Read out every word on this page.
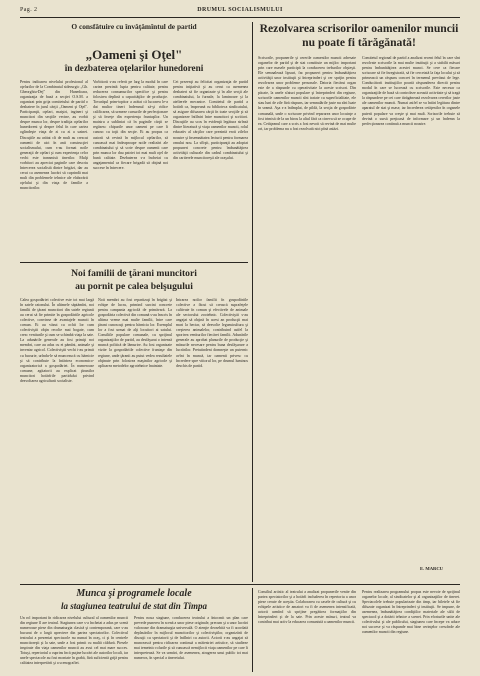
Pag. 2	DRUMUL SOCIALISMULUI
O consfătuire cu învăţămîntul de partid
„Oameni şi Oţel"
în dezbaterea oţelarilor hunedoreni
Pentru indicarea nivelului profesional al oţelarilor de la Combinatul siderurgic „Gh. Gheorghiu-Dej" din Hunedoara, organizaţia de bază a secţiei O.S.M. a organizat prin grija comitetului de partid o dezbatere în jurul cărţii „Oameni şi Oţel". Participanţii, oţelari, maiştri, ingineri şi muncitori din secţiile vecine, au vorbit despre munca lor, despre tradiţia oţelarilor hunedoreni şi despre felul în care cartea oglindeşte viaţa de zi cu zi a uzinei. Discuţiile au arătat cît de mult au crescut oamenii de aici în anii construcţiei socialismului, cum s-au format noile generaţii de oţelari şi cum experienţa celor vechi este transmisă tinerilor. Mulţi vorbitori au apreciat paginile care descriu întrecerea socialistă dintre brigăzi, dar au cerut ca asemenea lucrări să cuprindă mai mult din problemele tehnice ale elaborării oţelului şi din viaţa de familie a muncitorilor.
Vorbitorii s-au referit pe larg la modul în care cartea prezintă lupta pentru calitate, pentru reducerea consumurilor specifice şi pentru folosirea deplină a capacităţilor de producţie. Tovarăşul prim-topitor a arătat că lucrarea le-a dat multor tineri îndemnul să-şi ridice calificarea, să urmeze cursurile de perfecţionare şi să înveţe din experienţa fruntaşilor. Un maistru a subliniat că în paginile cărţii se regăsesc chipurile unor oameni pe care îi cunosc cu toţii din secţie. Ei au propus ca autorii să revină în mijlocul oţelarilor, să cunoască mai îndeaproape noile realizări ale combinatului şi să scrie despre oamenii care prin munca lor dau patriei tot mai mult oţel de bună calitate. Dezbaterea s-a încheiat cu angajamentul ca fiecare brigadă să obţină noi succese în întrecere.
Cei prezenţi au felicitat organizaţia de partid pentru iniţiativă şi au cerut ca asemenea dezbateri să fie organizate şi în alte secţii ale combinatului, la furnale, la laminoare şi la atelierele mecanice. Comitetul de partid a hotărît ca, împreună cu biblioteca sindicatului, să asigure difuzarea cărţii în toate secţiile şi să organizeze întîlniri între muncitori şi scriitori. Discuţiile au scos în evidenţă legătura strînsă dintre literatură şi viaţa oamenilor muncii, rolul educativ al cărţilor care prezintă eroii zilelor noastre şi însemnătatea lecturii pentru formarea omului nou. La sfîrşit, participanţii au adoptat propuneri concrete pentru îmbunătăţirea activităţii culturale din cadrul combinatului şi din cartierele muncitoreşti ale oraşului.
Noi familii de ţărani muncitori
au pornit pe calea belşugului
Calea gospodăriei colective este tot mai largă în satele raionului. În ultimele săptămîni, noi familii de ţărani muncitori din satele regiunii au cerut să fie primite în gospodăriile agricole colective, convinse de avantajele muncii în comun. Ei au văzut cu ochii lor cum colectiviştii obţin recolte mai bogate, cum cresc veniturile şi cum se schimbă viaţa la sate. La adunările generale au fost primiţi noi membri, care au adus cu ei pămînt, animale şi inventar agricol. Colectiviştii vechi i-au primit cu bucurie, urîndu-le să muncească cu hărnicie şi să contribuie la întărirea economico-organizatorică a gospodăriei. În numeroase comune, agitatorii au explicat ţăranilor muncitori hotărîrile partidului privind dezvoltarea agriculturii socialiste.
Noii membri au fost repartizaţi în brigăzi şi echipe de lucru, primind sarcini concrete pentru campania agricolă de primăvară. La gospodăria colectivă din comună s-au înscris în ultima vreme mai multe familii, între care ţărani cunoscuţi pentru hărnicia lor. Exemplul lor a fost urmat de alţi locuitori ai satului. Consiliile populare comunale, cu sprijinul organizaţiilor de partid, au desfăşurat o intensă muncă politică de lămurire. Au fost organizate vizite la gospodăriile colective fruntaşe din regiune, unde ţăranii au putut vedea rezultatele obţinute prin folosirea maşinilor agricole şi aplicarea metodelor agrotehnice înaintate.
Intrarea noilor familii în gospodăriile colective a făcut să crească suprafeţele cultivate în comun şi efectivele de animale ale sectorului zootehnic. Colectiviştii s-au angajat să obţină în acest an producţii mai mari la hectar, să dezvolte legumicultura şi creşterea animalelor, contribuind astfel la sporirea veniturilor fiecărei familii. Adunările generale au aprobat planurile de producţie şi măsurile necesare pentru buna desfăşurare a lucrărilor. Pretutindeni domneşte un puternic avînt în muncă, iar oamenii privesc cu încredere spre viitorul lor, pe drumul luminos deschis de partid.
Rezolvarea scrisorilor oamenilor muncii
nu poate fi tărăgănată!
Scrisorile, propunerile şi cererile oamenilor muncii adresate organelor de partid şi de stat constituie un mijloc important prin care masele participă la conducerea treburilor obşteşti. Ele semnalează lipsuri, fac propuneri pentru îmbunătăţirea activităţii unor instituţii şi întreprinderi şi cer sprijin pentru rezolvarea unor probleme personale. Datoria fiecărui organ este de a răspunde cu operativitate la aceste scrisori. Din păcate, la unele sfaturi populare şi întreprinderi din regiune, scrisorile oamenilor muncii sînt tratate cu superficialitate, ele stau luni de zile fără răspuns, iar semnalările juste nu sînt luate în seamă. Aşa s-a întîmplat, de pildă, la secţia de gospodărie comunală, unde o scrisoare privind repararea unor locuinţe a fost trimisă de la un birou la altul fără ca cineva să se ocupe de ea. Cetăţeanul care a scris a fost nevoit să revină de mai multe ori, iar problema nu a fost rezolvată nici pînă astăzi.
Comitetul regional de partid a analizat recent felul în care sînt rezolvate scrisorile la mai multe instituţii şi a stabilit măsuri pentru îmbunătăţirea acestei munci. Se cere ca fiecare scrisoare să fie înregistrată, să fie cercetată la faţa locului şi să primească un răspuns concret în termenul prevăzut de lege. Conducătorii instituţiilor poartă răspunderea directă pentru modul în care se lucrează cu scrisorile. Este necesar ca organizaţiile de bază să controleze această activitate şi să tragă la răspundere pe cei care tărăgănează rezolvarea cererilor juste ale oamenilor muncii. Numai astfel se va întări legătura dintre aparatul de stat şi mase, iar încrederea cetăţenilor în organele puterii populare va creşte şi mai mult. Scrisorile trebuie să devină o sursă preţioasă de informare şi un îndemn la perfecţionarea continuă a muncii noastre.
E. MARCU
Munca şi programele locale
la stagiunea teatrului de stat din Tîmpa
Un rol important în ridicarea nivelului cultural al oamenilor muncii din regiune îl are teatrul. Stagiunea care s-a încheiat a adus pe scenă numeroase piese din dramaturgia clasică şi contemporană, care s-au bucurat de o largă apreciere din partea spectatorilor. Colectivul teatrului a prezentat spectacole nu numai în oraş, ci şi în centrele muncitoreşti şi la sate, unde a fost primit cu multă căldură. Piesele inspirate din viaţa oamenilor muncii au avut cel mai mare succes. Totuşi, repertoriul a cuprins încă puţine lucrări ale autorilor locali, iar unele spectacole au fost montate în grabă, fără suficientă grijă pentru calitatea interpretării şi a scenografiei.
Pentru noua stagiune, conducerea teatrului a întocmit un plan care prevede punerea în scenă a unor piese originale, precum şi a unor lucrări valoroase din dramaturgia universală. O atenţie deosebită va fi acordată deplasărilor în mijlocul muncitorilor şi colectiviştilor, organizării de discuţii cu spectatorii şi de întîlniri cu autorii. Actorii s-au angajat să muncească pentru ridicarea continuă a măiestriei artistice, să studieze mai temeinic rolurile şi să cunoască nemijlocit viaţa oamenilor pe care îi interpretează. Se va urmări, de asemenea, atragerea unui public tot mai numeros, în special a tineretului.
Consiliul artistic al teatrului a analizat propunerile venite din partea spectatorilor şi a hotărît includerea în repertoriu a unor piese cerute de aceştia. Colaborarea cu casele de cultură şi cu echipele artistice de amatori va fi de asemenea intensificată, actorii urmînd să sprijine pregătirea formaţiilor din întreprinderi şi de la sate. Prin aceste măsuri, teatrul va contribui mai activ la educarea comunistă a oamenilor muncii.
Pentru realizarea programului propus este nevoie de sprijinul organelor locale, al sindicatelor şi al organizaţiilor de tineret. Spectacolele trebuie popularizate din timp, iar biletele să fie difuzate organizat în întreprinderi şi instituţii. Se impune, de asemenea, îmbunătăţirea condiţiilor materiale ale sălii de spectacol şi a dotării tehnice a scenei. Prin eforturile unite ale colectivului şi ale publicului, stagiunea care începe va aduce noi succese şi va răspunde mai bine cerinţelor crescînde ale oamenilor muncii din regiune.
